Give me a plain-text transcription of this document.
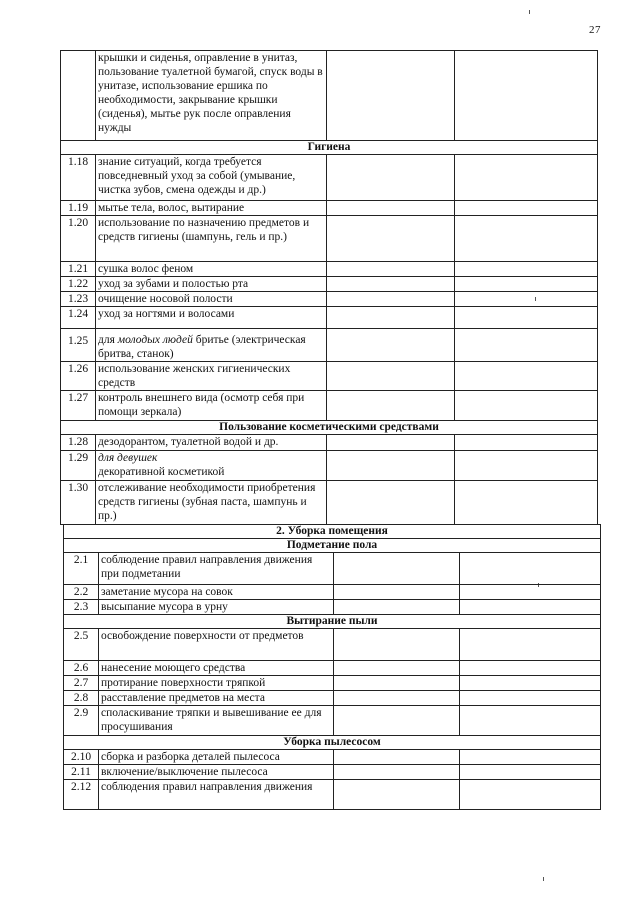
27
	крышки и сиденья, оправление в унитаз, пользование туалетной бумагой, спуск воды в унитазе, использование ершика по необходимости, закрывание крышки (сиденья), мытье рук после оправления нужды		
Гигиена			
1.18	знание ситуаций, когда требуется повседневный уход за собой (умывание, чистка зубов, смена одежды и др.)		
1.19	мытье тела, волос, вытирание		
1.20	использование по назначению предметов и средств гигиены (шампунь, гель и пр.)		
1.21	сушка волос феном		
1.22	уход за зубами и полостью рта		
1.23	очищение носовой полости		
1.24	уход за ногтями и волосами		
1.25	для молодых людей бритье (электрическая бритва, станок)		
1.26	использование женских гигиенических средств		
1.27	контроль внешнего вида (осмотр себя при помощи зеркала)		
Пользование косметическими средствами			
1.28	дезодорантом, туалетной водой и др.		
1.29	для девушек
декоративной косметикой		
1.30	отслеживание необходимости приобретения средств гигиены (зубная паста, шампунь и пр.)		
2. Уборка помещения			
Подметание пола			
2.1	соблюдение правил направления движения при подметании		
2.2	заметание мусора на совок		
2.3	высыпание мусора в урну		
Вытирание пыли			
2.5	освобождение поверхности от предметов		
2.6	нанесение моющего средства		
2.7	протирание поверхности тряпкой		
2.8	расставление предметов на места		
2.9	споласкивание тряпки и вывешивание ее для просушивания		
Уборка пылесосом			
2.10	сборка и разборка деталей пылесоса		
2.11	включение/выключение пылесоса		
2.12	соблюдения правил направления движения		
